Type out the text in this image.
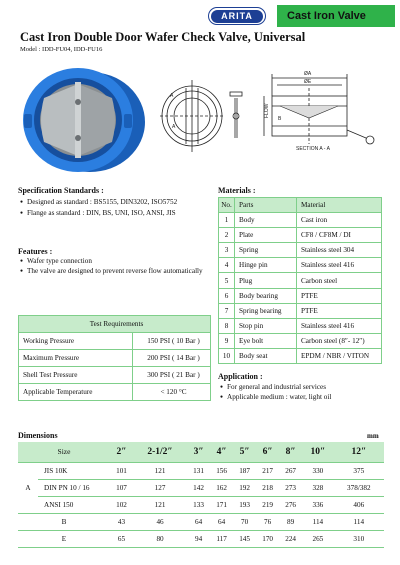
ARITA	Cast Iron Valve
Cast Iron Double Door Wafer Check Valve, Universal
Model : IDD-FU04, IDD-FU16
A
A
ØA
ØE
SECTION A - A
FLOW
B
Specification Standards :
● Designed as standard : BS5155, DIN3202, ISO5752
● Flange as standard : DIN, BS, UNI, ISO, ANSI, JIS
Features :
● Wafer type connection
● The valve are designed to prevent reverse flow automatically
Test Requirements	
Working Pressure	150 PSI ( 10 Bar )
Maximum Pressure	200 PSI ( 14 Bar )
Shell Test Pressure	300 PSI ( 21 Bar )
Applicable Temperature	< 120 °C
Materials :
No.	Parts	Material
1	Body	Cast iron
2	Plate	CF8 / CF8M / DI
3	Spring	Stainless steel 304
4	Hinge pin	Stainless steel 416
5	Plug	Carbon steel
6	Body bearing	PTFE
7	Spring bearing	PTFE
8	Stop pin	Stainless steel 416
9	Eye bolt	Carbon steel (8″- 12″)
10	Body seat	EPDM / NBR / VITON
Application :
● For general and industrial services
● Applicable medium : water, light oil
Dimensions	mm
Size		2″	2-1/2″	3″	4″	5″	6″	8″	10″	12″
A	JIS 10K	101	121	131	156	187	217	267	330	375
	DIN PN 10 / 16	107	127	142	162	192	218	273	328	378/382
	ANSI 150	102	121	133	171	193	219	276	336	406
B		43	46	64	64	70	76	89	114	114
E		65	80	94	117	145	170	224	265	310
